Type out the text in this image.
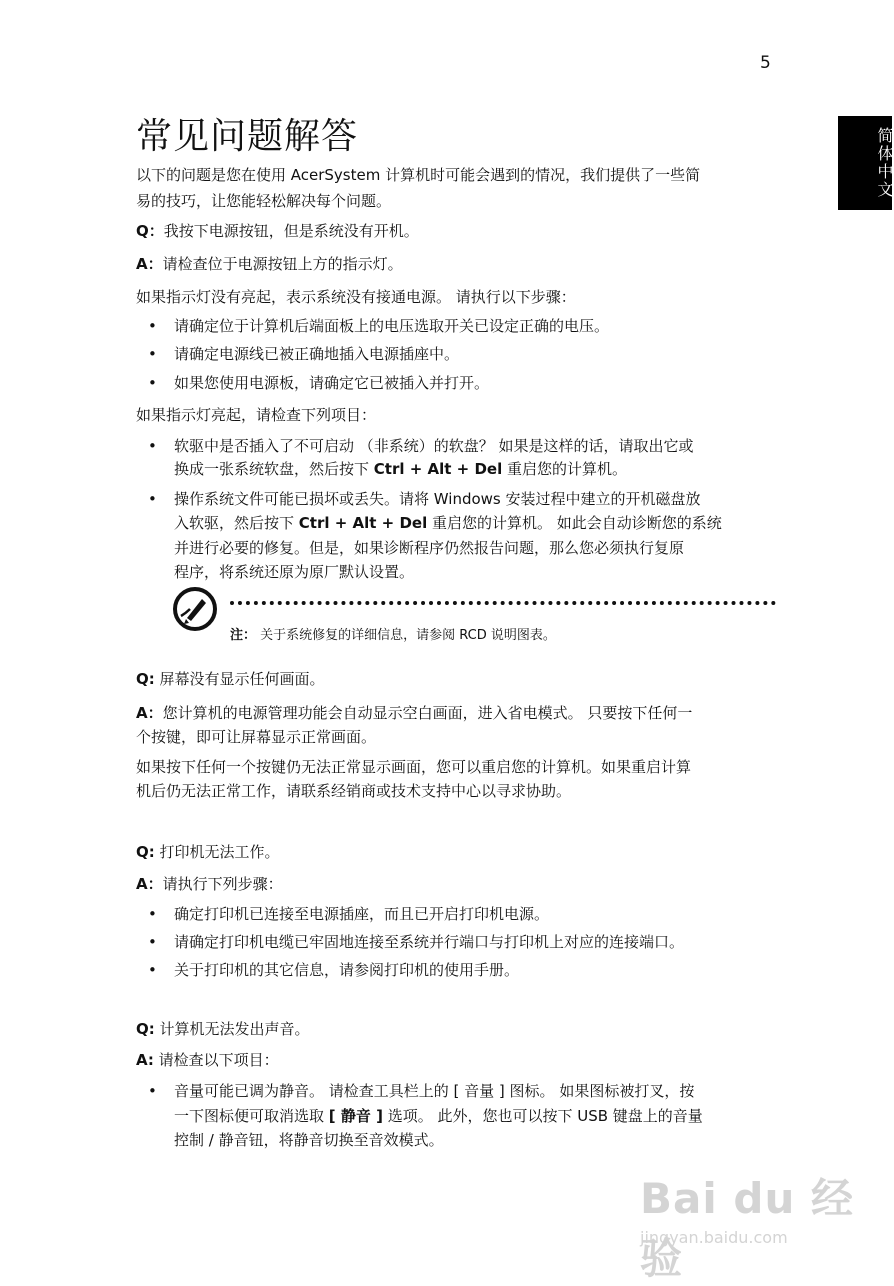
5
简体中文
常见问题解答

以下的问题是您在使用 AcerSystem 计算机时可能会遇到的情况，我们提供了一些简

易的技巧，让您能轻松解决每个问题。

Q：我按下电源按钮，但是系统没有开机。

A：请检查位于电源按钮上方的指示灯。

如果指示灯没有亮起，表示系统没有接通电源。 请执行以下步骤：

• 请确定位于计算机后端面板上的电压选取开关已设定正确的电压。

• 请确定电源线已被正确地插入电源插座中。

• 如果您使用电源板，请确定它已被插入并打开。

如果指示灯亮起，请检查下列项目：

• 软驱中是否插入了不可启动 （非系统）的软盘？ 如果是这样的话，请取出它或

换成一张系统软盘，然后按下 Ctrl + Alt + Del 重启您的计算机。

• 操作系统文件可能已损坏或丢失。请将 Windows 安装过程中建立的开机磁盘放

入软驱，然后按下 Ctrl + Alt + Del 重启您的计算机。 如此会自动诊断您的系统

并进行必要的修复。但是，如果诊断程序仍然报告问题，那么您必须执行复原

程序，将系统还原为原厂默认设置。

注： 关于系统修复的详细信息，请参阅 RCD 说明图表。

Q: 屏幕没有显示任何画面。

A：您计算机的电源管理功能会自动显示空白画面，进入省电模式。 只要按下任何一

个按键，即可让屏幕显示正常画面。

如果按下任何一个按键仍无法正常显示画面，您可以重启您的计算机。如果重启计算

机后仍无法正常工作，请联系经销商或技术支持中心以寻求协助。

Q: 打印机无法工作。

A：请执行下列步骤：

• 确定打印机已连接至电源插座，而且已开启打印机电源。

• 请确定打印机电缆已牢固地连接至系统并行端口与打印机上对应的连接端口。

• 关于打印机的其它信息，请参阅打印机的使用手册。

Q: 计算机无法发出声音。

A: 请检查以下项目：

• 音量可能已调为静音。 请检查工具栏上的 [ 音量 ] 图标。 如果图标被打叉，按

一下图标便可取消选取 [ 静音 ] 选项。 此外，您也可以按下 USB 键盘上的音量

控制 / 静音钮，将静音切换至音效模式。

Bai du 经验
jingyan.baidu.com
